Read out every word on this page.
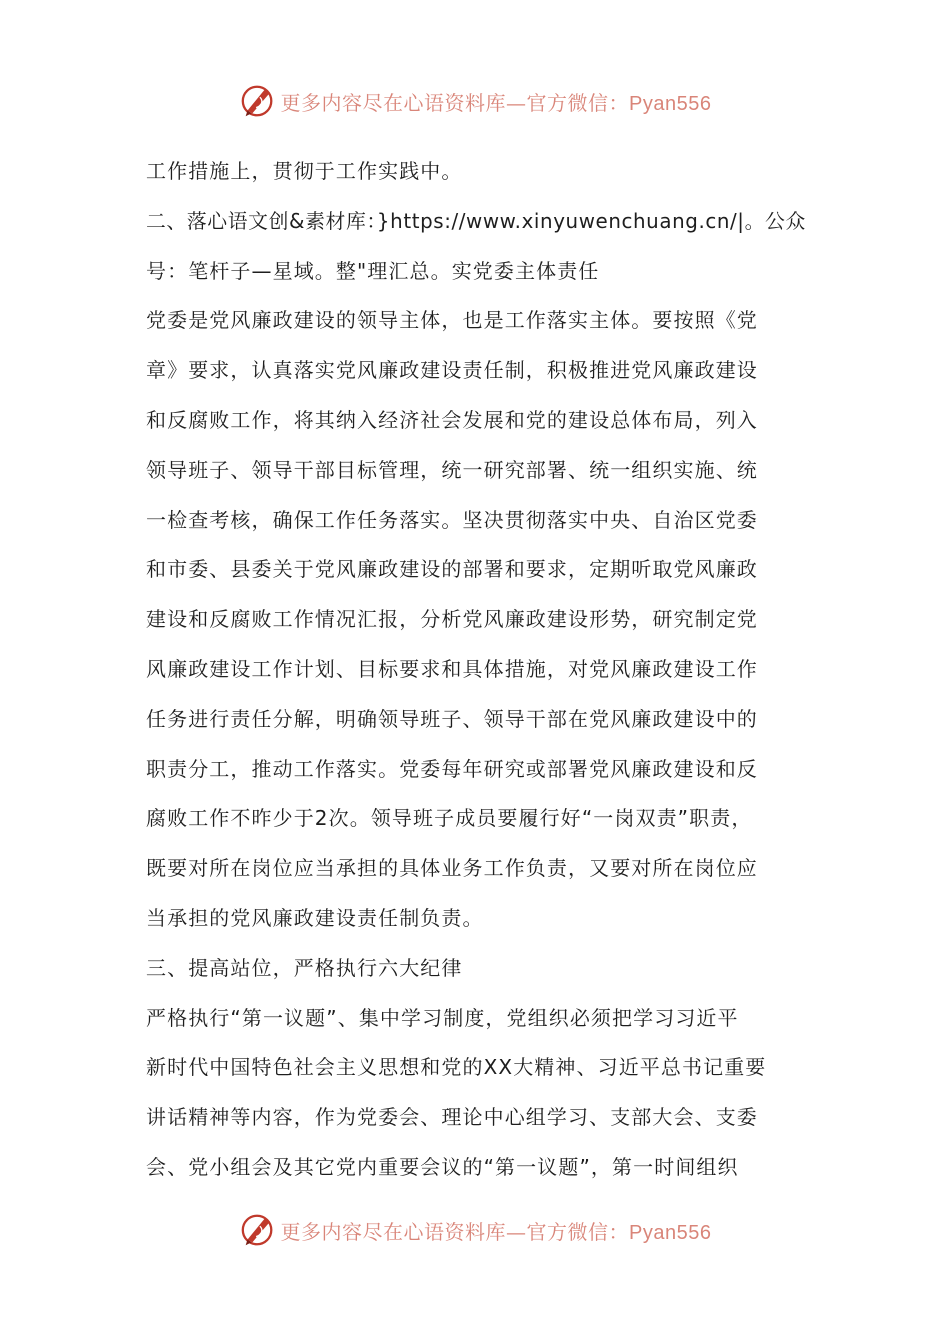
更多内容尽在心语资料库—官方微信：Pyan556
工作措施上，贯彻于工作实践中。
二、落心语文创&素材库：}https://www.xinyuwenchuang.cn/|。公众
号：笔杆子—星域。整"理汇总。实党委主体责任
党委是党风廉政建设的领导主体，也是工作落实主体。要按照《党
章》要求，认真落实党风廉政建设责任制，积极推进党风廉政建设
和反腐败工作，将其纳入经济社会发展和党的建设总体布局，列入
领导班子、领导干部目标管理，统一研究部署、统一组织实施、统
一检查考核，确保工作任务落实。坚决贯彻落实中央、自治区党委
和市委、县委关于党风廉政建设的部署和要求，定期听取党风廉政
建设和反腐败工作情况汇报，分析党风廉政建设形势，研究制定党
风廉政建设工作计划、目标要求和具体措施，对党风廉政建设工作
任务进行责任分解，明确领导班子、领导干部在党风廉政建设中的
职责分工，推动工作落实。党委每年研究或部署党风廉政建设和反
腐败工作不昨少于2次。领导班子成员要履行好“一岗双责”职责，
既要对所在岗位应当承担的具体业务工作负责，又要对所在岗位应
当承担的党风廉政建设责任制负责。
三、提高站位，严格执行六大纪律
严格执行“第一议题”、集中学习制度，党组织必须把学习习近平
新时代中国特色社会主义思想和党的XX大精神、习近平总书记重要
讲话精神等内容，作为党委会、理论中心组学习、支部大会、支委
会、党小组会及其它党内重要会议的“第一议题”，第一时间组织
更多内容尽在心语资料库—官方微信：Pyan556
